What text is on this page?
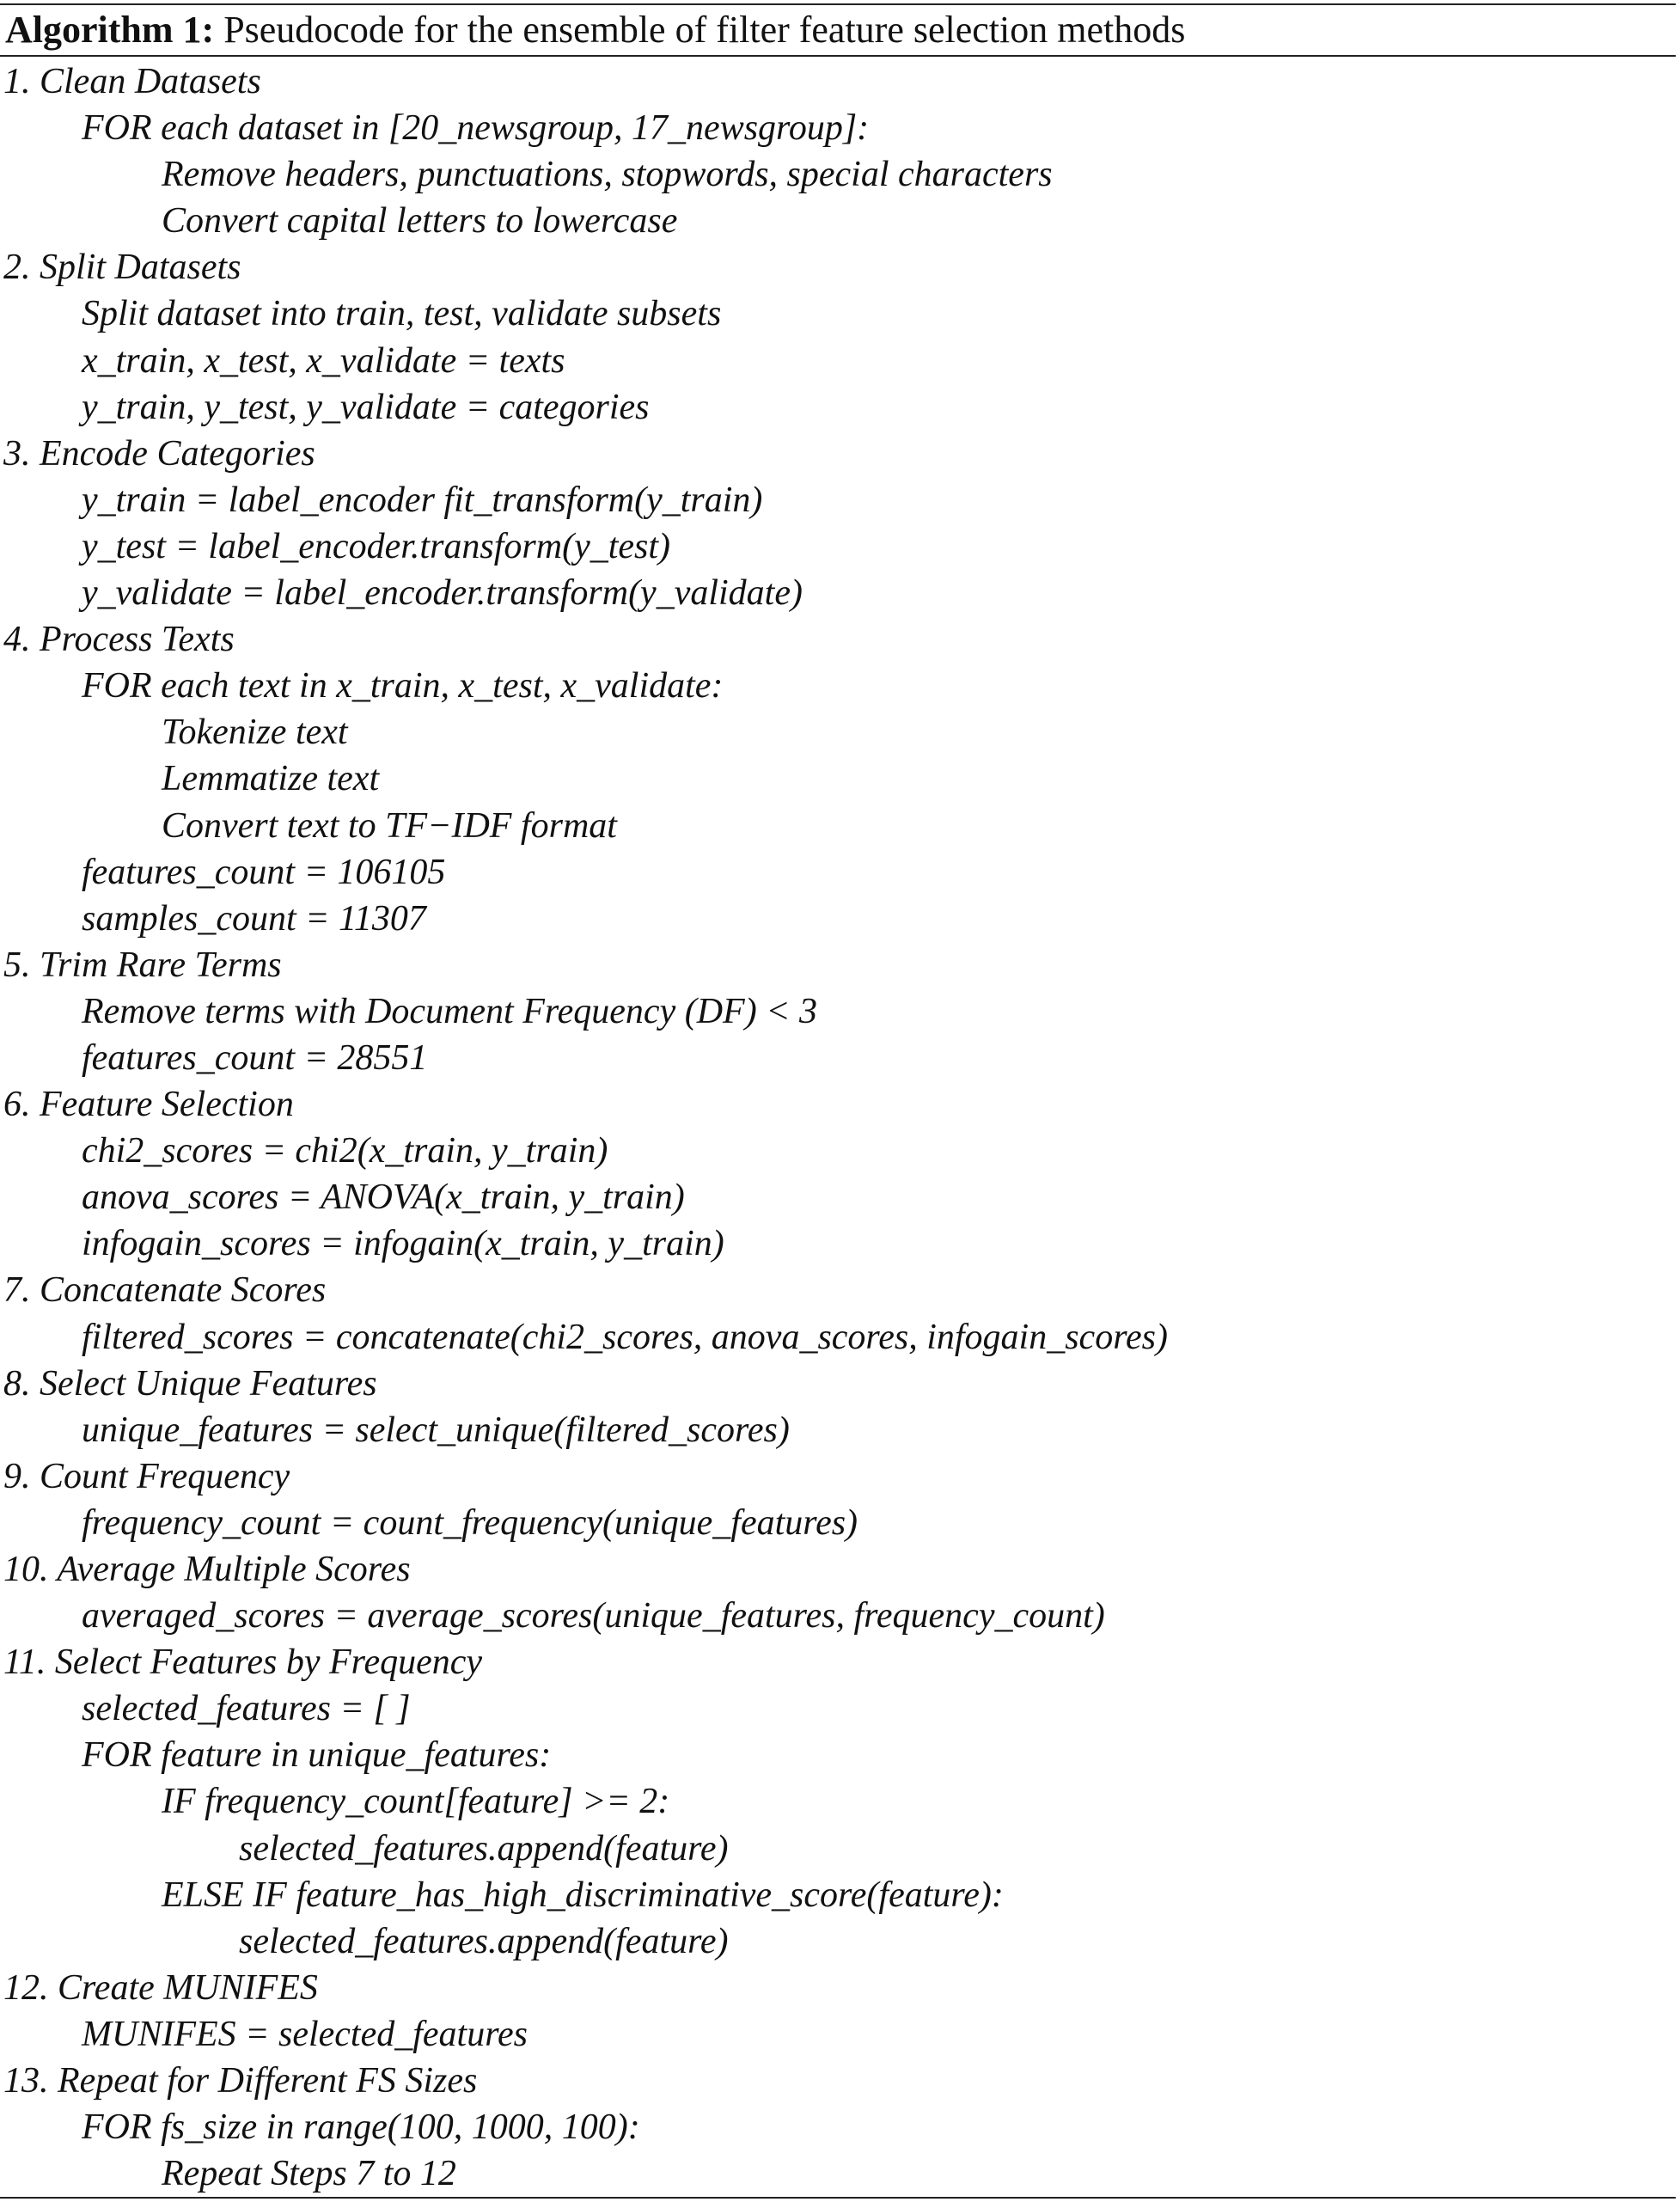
Algorithm 1: Pseudocode for the ensemble of filter feature selection methods
1. Clean Datasets
FOR each dataset in [20_newsgroup, 17_newsgroup]:
Remove headers, punctuations, stopwords, special characters
Convert capital letters to lowercase
2. Split Datasets
Split dataset into train, test, validate subsets
x_train, x_test, x_validate = texts
y_train, y_test, y_validate = categories
3. Encode Categories
y_train = label_encoder fit_transform(y_train)
y_test = label_encoder.transform(y_test)
y_validate = label_encoder.transform(y_validate)
4. Process Texts
FOR each text in x_train, x_test, x_validate:
Tokenize text
Lemmatize text
Convert text to TF−IDF format
features_count = 106105
samples_count = 11307
5. Trim Rare Terms
Remove terms with Document Frequency (DF) < 3
features_count = 28551
6. Feature Selection
chi2_scores = chi2(x_train, y_train)
anova_scores = ANOVA(x_train, y_train)
infogain_scores = infogain(x_train, y_train)
7. Concatenate Scores
filtered_scores = concatenate(chi2_scores, anova_scores, infogain_scores)
8. Select Unique Features
unique_features = select_unique(filtered_scores)
9. Count Frequency
frequency_count = count_frequency(unique_features)
10. Average Multiple Scores
averaged_scores = average_scores(unique_features, frequency_count)
11. Select Features by Frequency
selected_features = [ ]
FOR feature in unique_features:
IF frequency_count[feature] >= 2:
selected_features.append(feature)
ELSE IF feature_has_high_discriminative_score(feature):
selected_features.append(feature)
12. Create MUNIFES
MUNIFES = selected_features
13. Repeat for Different FS Sizes
FOR fs_size in range(100, 1000, 100):
Repeat Steps 7 to 12
